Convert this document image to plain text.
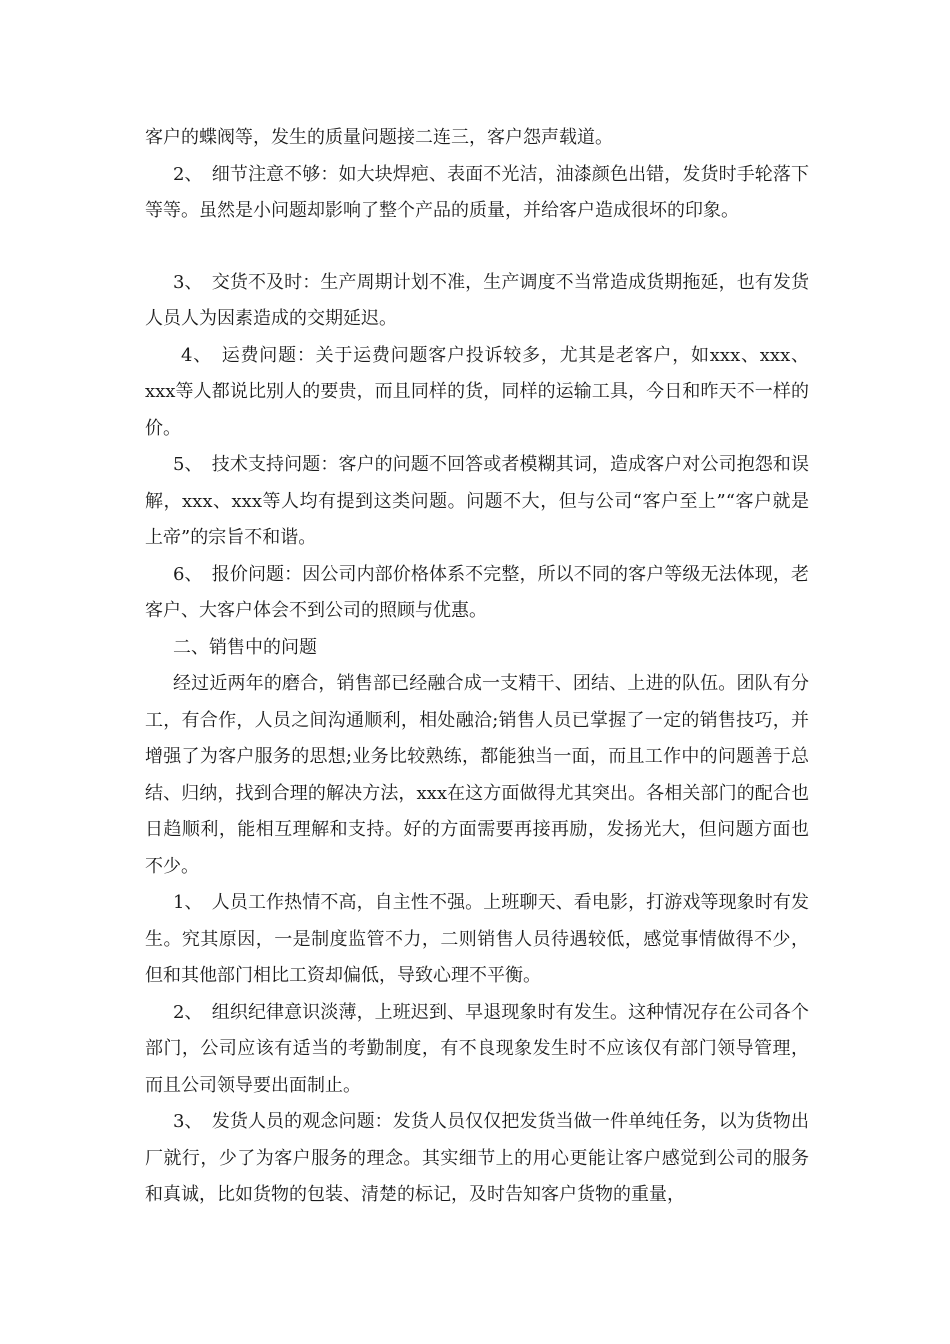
客户的蝶阀等，发生的质量问题接二连三，客户怨声载道。

2、　细节注意不够：如大块焊疤、表面不光洁，油漆颜色出错，发货时手轮落下等等。虽然是小问题却影响了整个产品的质量，并给客户造成很坏的印象。

3、　交货不及时：生产周期计划不准，生产调度不当常造成货期拖延，也有发货人员人为因素造成的交期延迟。

4、　运费问题：关于运费问题客户投诉较多，尤其是老客户，如xxx、xxx、xxx等人都说比别人的要贵，而且同样的货，同样的运输工具，今日和昨天不一样的价。

5、　技术支持问题：客户的问题不回答或者模糊其词，造成客户对公司抱怨和误解，xxx、xxx等人均有提到这类问题。问题不大，但与公司“客户至上”“客户就是上帝”的宗旨不和谐。

6、　报价问题：因公司内部价格体系不完整，所以不同的客户等级无法体现，老客户、大客户体会不到公司的照顾与优惠。

二、销售中的问题

经过近两年的磨合，销售部已经融合成一支精干、团结、上进的队伍。团队有分工，有合作，人员之间沟通顺利，相处融洽;销售人员已掌握了一定的销售技巧，并增强了为客户服务的思想;业务比较熟练，都能独当一面，而且工作中的问题善于总结、归纳，找到合理的解决方法，xxx在这方面做得尤其突出。各相关部门的配合也日趋顺利，能相互理解和支持。好的方面需要再接再励，发扬光大，但问题方面也不少。

1、　人员工作热情不高，自主性不强。上班聊天、看电影，打游戏等现象时有发生。究其原因，一是制度监管不力，二则销售人员待遇较低，感觉事情做得不少，但和其他部门相比工资却偏低，导致心理不平衡。

2、　组织纪律意识淡薄，上班迟到、早退现象时有发生。这种情况存在公司各个部门，公司应该有适当的考勤制度，有不良现象发生时不应该仅有部门领导管理，而且公司领导要出面制止。

3、　发货人员的观念问题：发货人员仅仅把发货当做一件单纯任务，以为货物出厂就行，少了为客户服务的理念。其实细节上的用心更能让客户感觉到公司的服务和真诚，比如货物的包装、清楚的标记，及时告知客户货物的重量，
